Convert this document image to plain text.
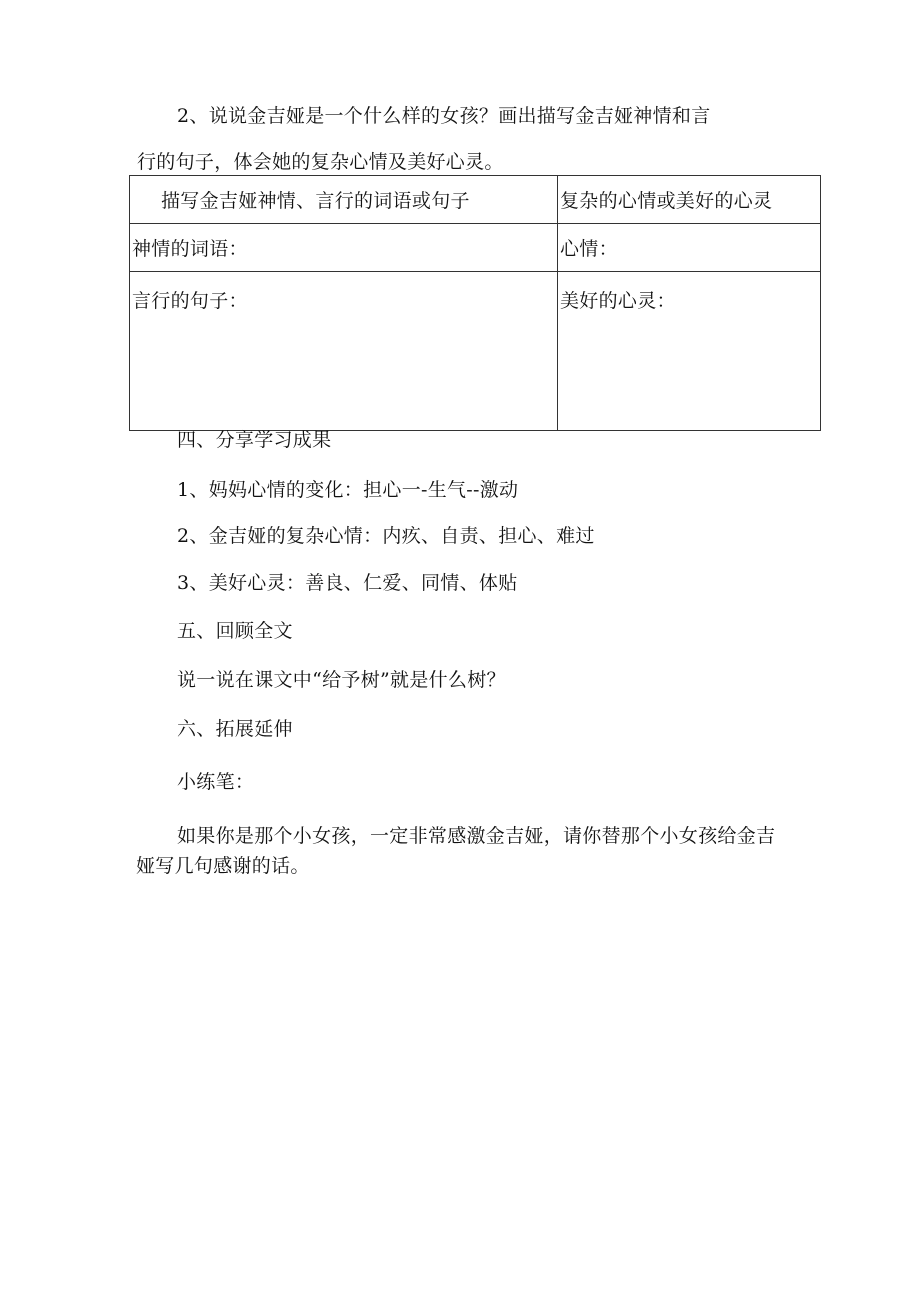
2、说说金吉娅是一个什么样的女孩？画出描写金吉娅神情和言
行的句子，体会她的复杂心情及美好心灵。
描写金吉娅神情、言行的词语或句子	复杂的心情或美好的心灵
神情的词语：	心情：
言行的句子：	美好的心灵：
四、分享学习成果
1、妈妈心情的变化：担心一-生气--激动
2、金吉娅的复杂心情：内疚、自责、担心、难过
3、美好心灵：善良、仁爱、同情、体贴
五、回顾全文
说一说在课文中“给予树”就是什么树？
六、拓展延伸
小练笔：
如果你是那个小女孩，一定非常感激金吉娅，请你替那个小女孩给金吉娅写几句感谢的话。
